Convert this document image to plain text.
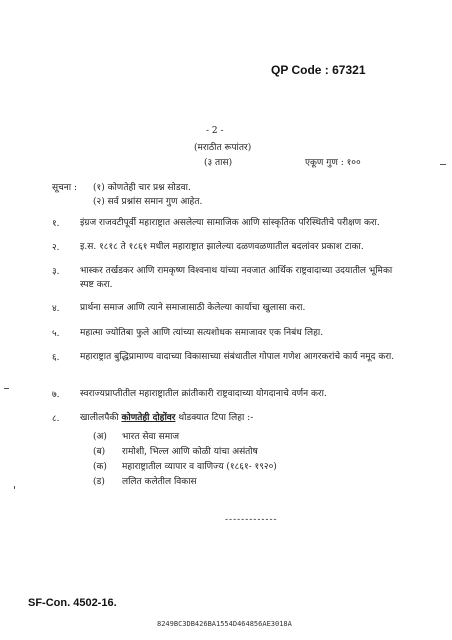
QP Code : 67321
- 2 -
(मराठीत रूपांतर)
(३ तास)	एकूण गुण : १००
सूचना : (१) कोणतेही चार प्रश्न सोडवा.
(२) सर्व प्रश्नांस समान गुण आहेत.
१. इंग्रज राजवटीपूर्वी महाराष्ट्रात असलेल्या सामाजिक आणि सांस्कृतिक परिस्थितीचे परीक्षण करा.
२. इ.स. १८१८ ते १८६१ मधील महाराष्ट्रात झालेल्या दळणवळणातील बदलांवर प्रकाश टाका.
३. भास्कर तर्खडकर आणि रामकृष्ण विश्वनाथ यांच्या नवजात आर्थिक राष्ट्रवादाच्या उदयातील भूमिका स्पष्ट करा.
४. प्रार्थना समाज आणि त्याने समाजासाठी केलेल्या कार्याचा खुलासा करा.
५. महात्मा ज्योतिबा फुले आणि त्यांच्या सत्यशोधक समाजावर एक निबंध लिहा.
६. महाराष्ट्रात बुद्धिप्रामाण्य वादाच्या विकासाच्या संबंधातील गोपाल गणेश आगरकरांचे कार्य नमूद करा.
७. स्वराज्यप्राप्तीतील महाराष्ट्रातील क्रांतीकारी राष्ट्रवादाच्या योगदानाचे वर्णन करा.
८. खालीलपैकी कोणतेही दोहोंवर थोडक्यात टिपा लिहा :-
(अ) भारत सेवा समाज
(ब) रामोशी, भिल्ल आणि कोळी यांचा असंतोष
(क) महाराष्ट्रातील व्यापार व वाणिज्य (१८६१- १९२०)
(ड) ललित कलेतील विकास
-------------
SF-Con. 4502-16.
8249BC3DB426BA1554D464856AE3018A
